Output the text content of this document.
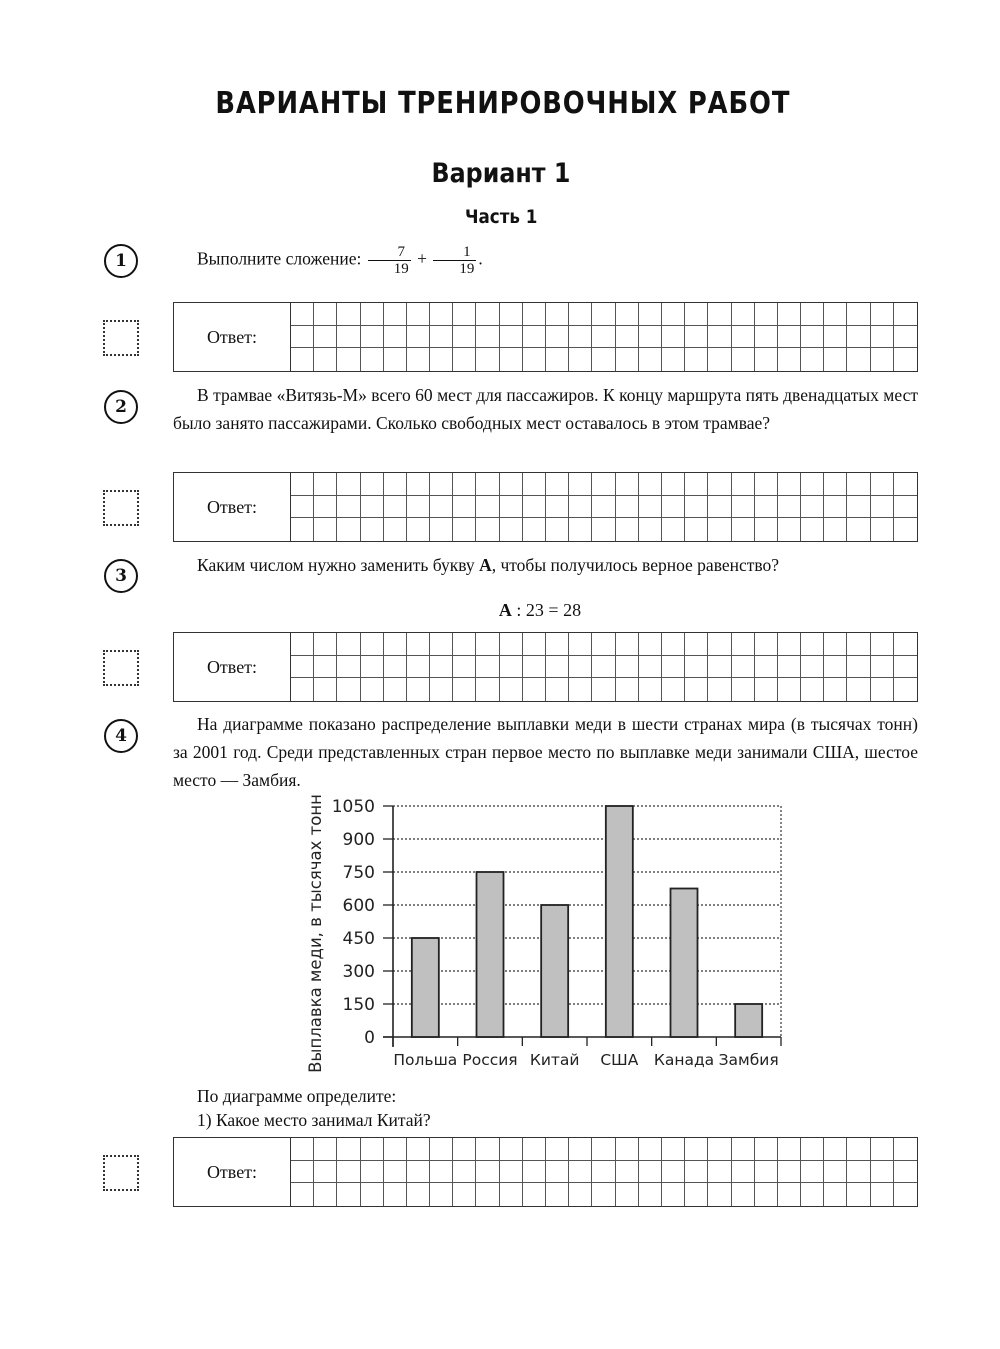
ВАРИАНТЫ ТРЕНИРОВОЧНЫХ РАБОТ
Вариант 1
Часть 1
1	Выполните сложение: $\frac{7}{19} + \frac{1}{19}$ .
Ответ:
2
В трамвае «Витязь-М» всего 60 мест для пассажиров. К концу маршрута пять двенадцатых мест было занято пассажирами. Сколько свободных мест оставалось в этом трамвае?
Ответ:
3
Каким числом нужно заменить букву А, чтобы получилось верное равенство?
А : 23 = 28
Ответ:
4
На диаграмме показано распределение выплавки меди в шести странах мира (в тысячах тонн) за 2001 год. Среди представленных стран первое место по выплавке меди занимали США, шестое место — Замбия.
0
150
300
450
600
750
900
1050
Польша Россия Китай США Канада Замбия
Выплавка меди, в тысячах тонн
По диаграмме определите:
1) Какое место занимал Китай?
Ответ:
